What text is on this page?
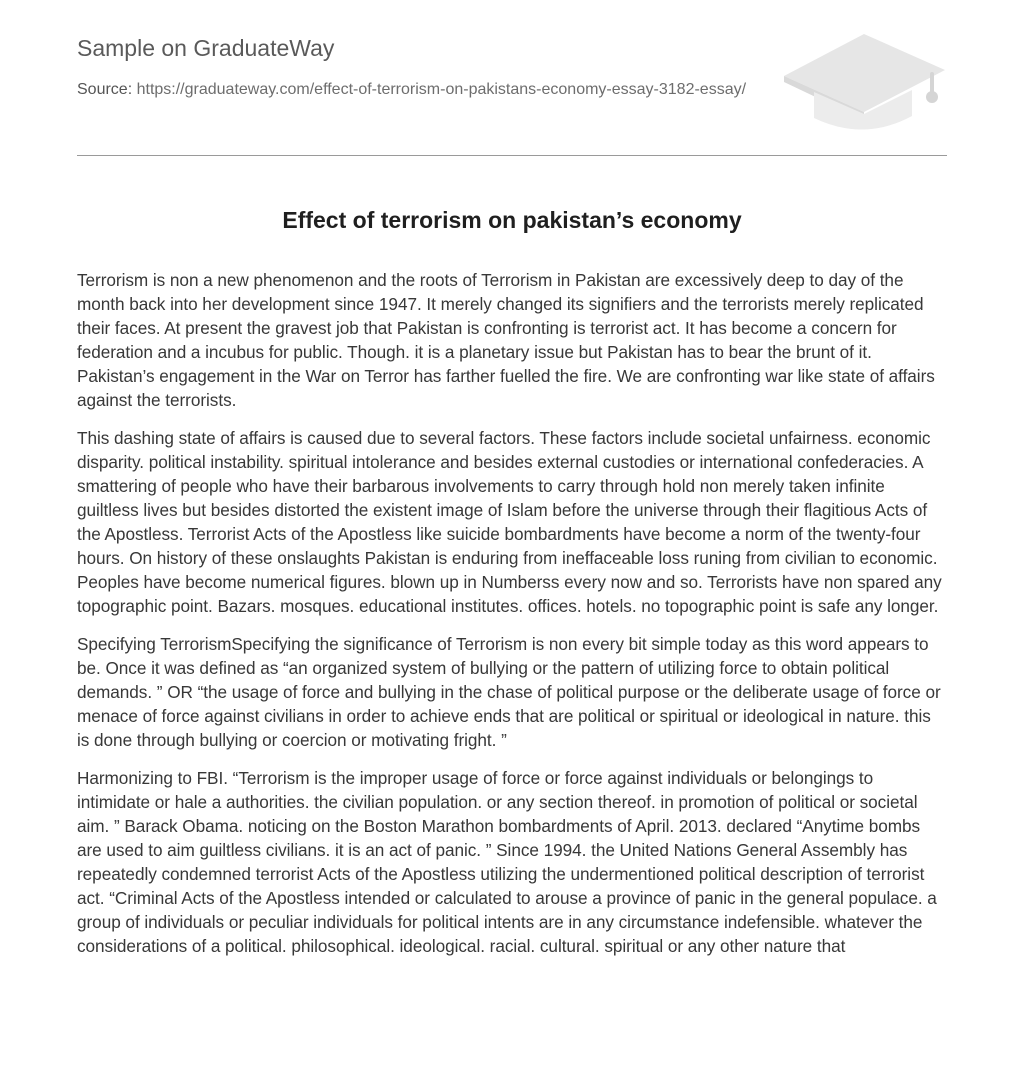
Sample on GraduateWay
Source: https://graduateway.com/effect-of-terrorism-on-pakistans-economy-essay-3182-essay/
Effect of terrorism on pakistan’s economy

Terrorism is non a new phenomenon and the roots of Terrorism in Pakistan are excessively deep to day of the month back into her development since 1947. It merely changed its signifiers and the terrorists merely replicated their faces. At present the gravest job that Pakistan is confronting is terrorist act. It has become a concern for federation and a incubus for public. Though. it is a planetary issue but Pakistan has to bear the brunt of it. Pakistan’s engagement in the War on Terror has farther fuelled the fire. We are confronting war like state of affairs against the terrorists.

This dashing state of affairs is caused due to several factors. These factors include societal unfairness. economic disparity. political instability. spiritual intolerance and besides external custodies or international confederacies. A smattering of people who have their barbarous involvements to carry through hold non merely taken infinite guiltless lives but besides distorted the existent image of Islam before the universe through their flagitious Acts of the Apostless. Terrorist Acts of the Apostless like suicide bombardments have become a norm of the twenty-four hours. On history of these onslaughts Pakistan is enduring from ineffaceable loss runing from civilian to economic. Peoples have become numerical figures. blown up in Numberss every now and so. Terrorists have non spared any topographic point. Bazars. mosques. educational institutes. offices. hotels. no topographic point is safe any longer.

Specifying TerrorismSpecifying the significance of Terrorism is non every bit simple today as this word appears to be. Once it was defined as “an organized system of bullying or the pattern of utilizing force to obtain political demands. ” OR “the usage of force and bullying in the chase of political purpose or the deliberate usage of force or menace of force against civilians in order to achieve ends that are political or spiritual or ideological in nature. this is done through bullying or coercion or motivating fright. ”

Harmonizing to FBI. “Terrorism is the improper usage of force or force against individuals or belongings to intimidate or hale a authorities. the civilian population. or any section thereof. in promotion of political or societal aim. ” Barack Obama. noticing on the Boston Marathon bombardments of April. 2013. declared “Anytime bombs are used to aim guiltless civilians. it is an act of panic. ” Since 1994. the United Nations General Assembly has repeatedly condemned terrorist Acts of the Apostless utilizing the undermentioned political description of terrorist act. “Criminal Acts of the Apostless intended or calculated to arouse a province of panic in the general populace. a group of individuals or peculiar individuals for political intents are in any circumstance indefensible. whatever the considerations of a political. philosophical. ideological. racial. cultural. spiritual or any other nature that
